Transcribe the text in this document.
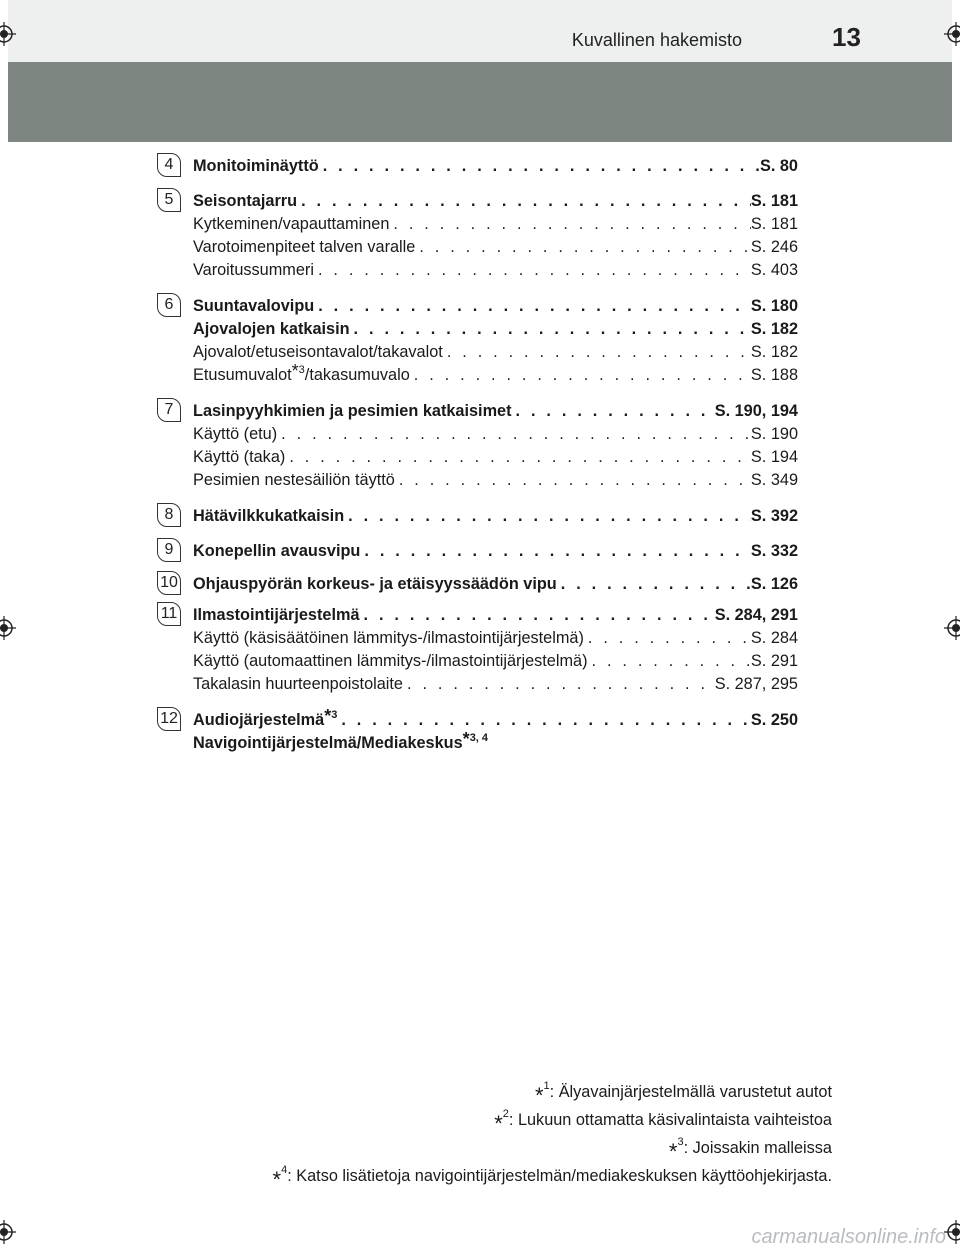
Kuvallinen hakemisto	13
4	Monitoiminäyttö . . .	S. 80
5	Seisontajarru . . .	S. 181
Kytkeminen/vapauttaminen . . .	S. 181
Varotoimenpiteet talven varalle . . .	S. 246
Varoitussummeri . . .	S. 403
6	Suuntavalovipu . . .	S. 180
Ajovalojen katkaisin . . .	S. 182
Ajovalot/etuseisontavalot/takavalot . . .	S. 182
Etusumuvalot$^{*3}$/takasumuvalo . . .	S. 188
7	Lasinpyyhkimien ja pesimien katkaisimet . . .	S. 190, 194
Käyttö (etu) . . .	S. 190
Käyttö (taka) . . .	S. 194
Pesimien nestesäiliön täyttö . . .	S. 349
8	Hätävilkkukatkaisin . . .	S. 392
9	Konepellin avausvipu . . .	S. 332
10 Ohjauspyörän korkeus- ja etäisyyssäädön vipu . . .	S. 126
11 Ilmastointijärjestelmä . . .	S. 284, 291
Käyttö (käsisäätöinen lämmitys-/ilmastointijärjestelmä) . . .	S. 284
Käyttö (automaattinen lämmitys-/ilmastointijärjestelmä) . . .	S. 291
Takalasin huurteenpoistolaite . . .	S. 287, 295
12 Audiojärjestelmä$^{*3}$ . . .	S. 250
Navigointijärjestelmä/Mediakeskus$^{*3, 4}$
*$^1$: Älyavainjärjestelmällä varustetut autot
*$^2$: Lukuun ottamatta käsivalintaista vaihteistoa
*$^3$: Joissakin malleissa
*$^4$: Katso lisätietoja navigointijärjestelmän/mediakeskuksen käyttöohjekirjasta.
carmanualsonline.info
